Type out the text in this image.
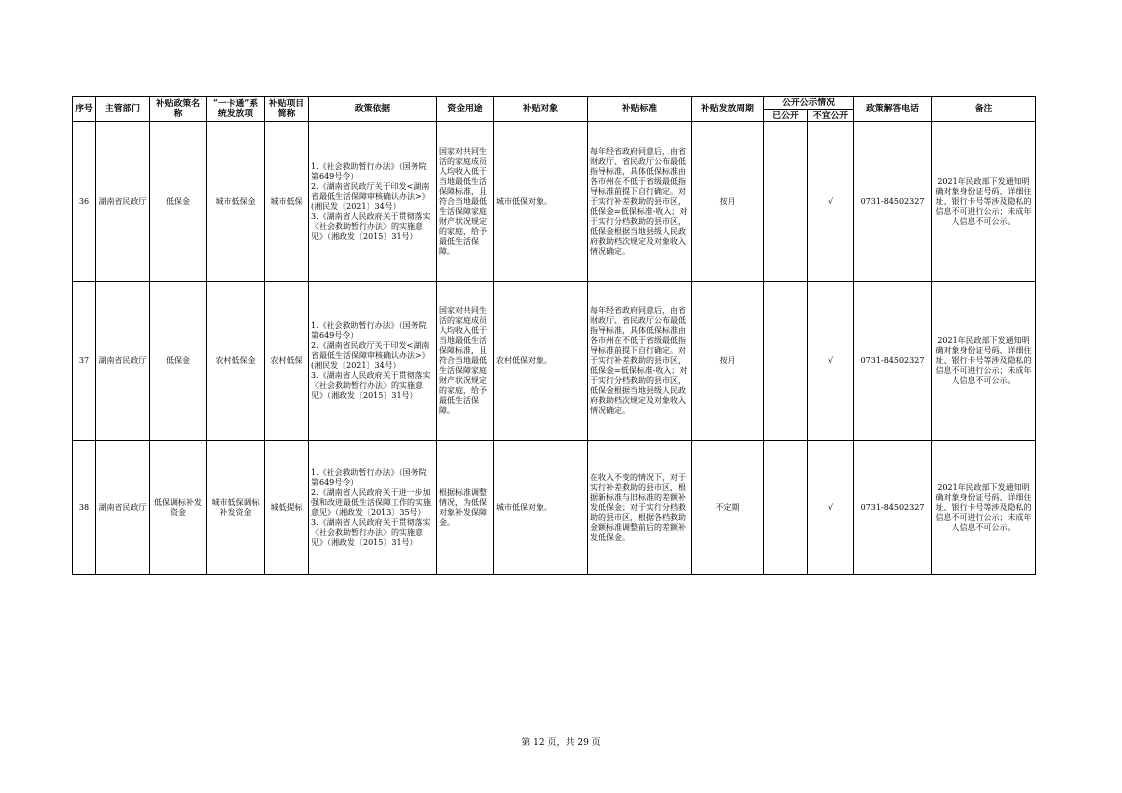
序号	主管部门	补贴政策名称	“一卡通”系统发放项	补贴项目简称	政策依据	资金用途	补贴对象	补贴标准	补贴发放周期	公开公示情况		政策解答电话	备注
										已公开	不宜公开		
36	湖南省民政厅	低保金	城市低保金	城市低保	1.《社会救助暂行办法》（国务院第649号令）
2.《湖南省民政厅关于印发<湖南省最低生活保障审核确认办法>》(湘民发〔2021〕34号）
3.《湖南省人民政府关于贯彻落实〈社会救助暂行办法〉的实施意见》（湘政发〔2015〕31号）	国家对共同生活的家庭成员人均收入低于当地最低生活保障标准，且符合当地最低生活保障家庭财产状况规定的家庭，给予最低生活保障。	城市低保对象。	每年经省政府同意后，由省财政厅、省民政厅公布最低指导标准，具体低保标准由各市州在不低于省级最低指导标准前提下自行确定。对于实行补差救助的县市区，低保金=低保标准-收入；对于实行分档救助的县市区，低保金根据当地县级人民政府救助档次规定及对象收入情况确定。	按月		√	0731-84502327	2021年民政部下发通知明确对象身份证号码、详细住址、银行卡号等涉及隐私的信息不可进行公示；未成年人信息不可公示。
37	湖南省民政厅	低保金	农村低保金	农村低保	1.《社会救助暂行办法》（国务院第649号令）
2.《湖南省民政厅关于印发<湖南省最低生活保障审核确认办法>》(湘民发〔2021〕34号）
3.《湖南省人民政府关于贯彻落实〈社会救助暂行办法〉的实施意见》（湘政发〔2015〕31号）	国家对共同生活的家庭成员人均收入低于当地最低生活保障标准，且符合当地最低生活保障家庭财产状况规定的家庭，给予最低生活保障。	农村低保对象。	每年经省政府同意后，由省财政厅、省民政厅公布最低指导标准，具体低保标准由各市州在不低于省级最低指导标准前提下自行确定。对于实行补差救助的县市区，低保金=低保标准-收入；对于实行分档救助的县市区，低保金根据当地县级人民政府救助档次规定及对象收入情况确定。	按月		√	0731-84502327	2021年民政部下发通知明确对象身份证号码、详细住址、银行卡号等涉及隐私的信息不可进行公示；未成年人信息不可公示。
38	湖南省民政厅	低保调标补发资金	城市低保调标补发资金	城低提标	1.《社会救助暂行办法》（国务院第649号令）
2.《湖南省人民政府关于进一步加强和改进最低生活保障工作的实施意见》（湘政发〔2013〕35号）
3.《湖南省人民政府关于贯彻落实〈社会救助暂行办法〉的实施意见》（湘政发〔2015〕31号）	根据标准调整情况，为低保对象补发保障金。	城市低保对象。	在收入不变的情况下，对于实行补差救助的县市区，根据新标准与旧标准的差额补发低保金；对于实行分档救助的县市区，根据各档救助金额标准调整前后的差额补发低保金。	不定期		√	0731-84502327	2021年民政部下发通知明确对象身份证号码、详细住址、银行卡号等涉及隐私的信息不可进行公示；未成年人信息不可公示。
第 12 页，共 29 页
